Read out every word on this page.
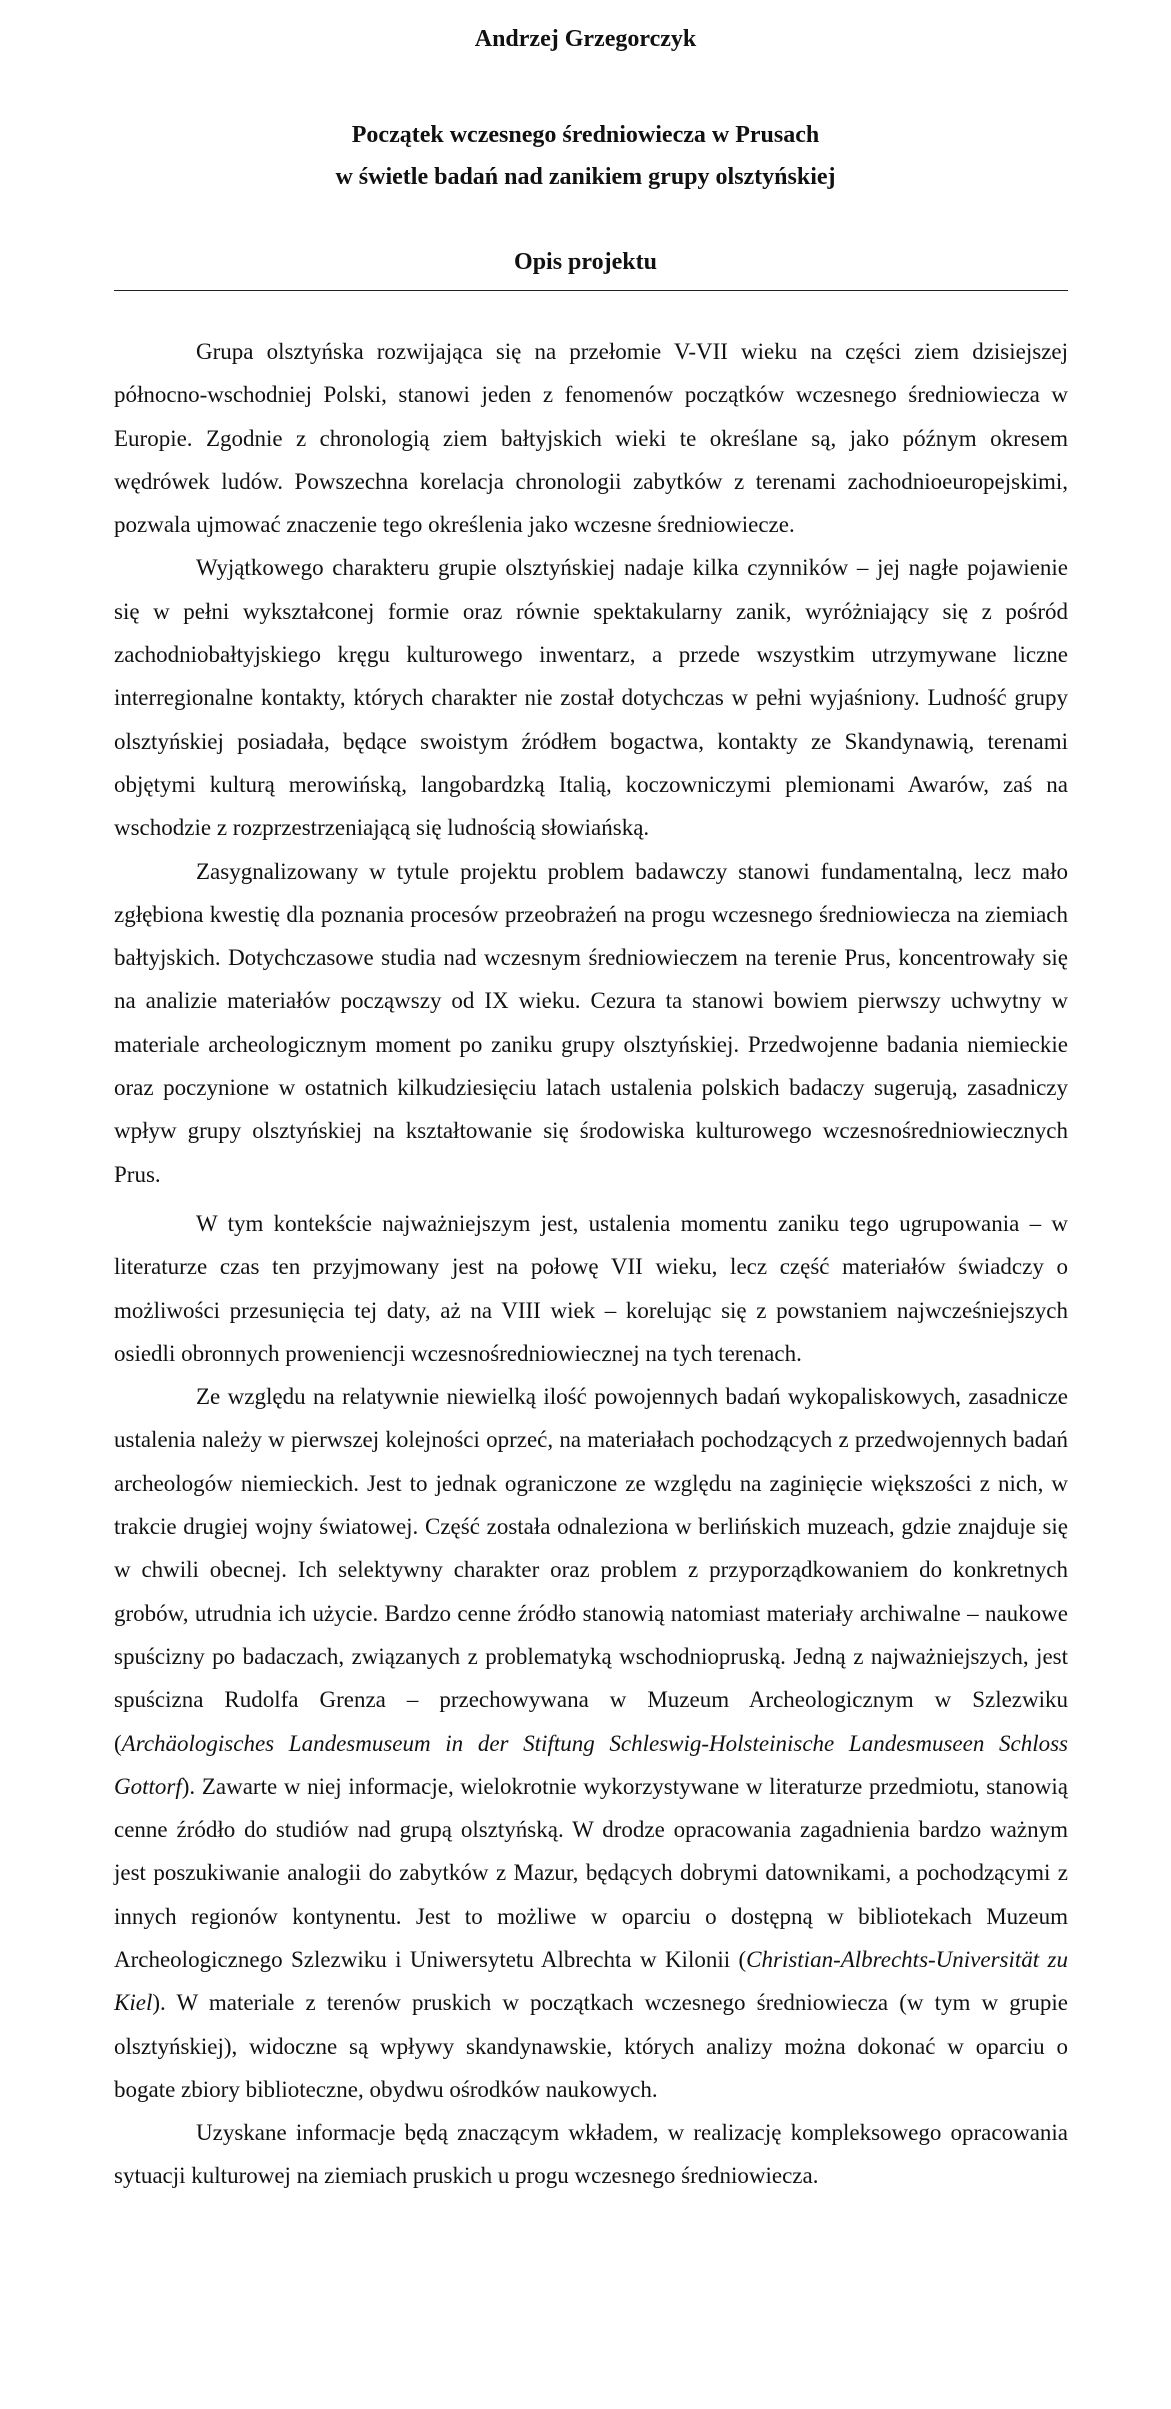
Andrzej Grzegorczyk
Początek wczesnego średniowiecza w Prusach
w świetle badań nad zanikiem grupy olsztyńskiej
Opis projektu

Grupa olsztyńska rozwijająca się na przełomie V-VII wieku na części ziem dzisiejszej północno-wschodniej Polski, stanowi jeden z fenomenów początków wczesnego średniowiecza w Europie. Zgodnie z chronologią ziem bałtyjskich wieki te określane są, jako późnym okresem wędrówek ludów. Powszechna korelacja chronologii zabytków z terenami zachodnioeuropejskimi, pozwala ujmować znaczenie tego określenia jako wczesne średniowiecze.

Wyjątkowego charakteru grupie olsztyńskiej nadaje kilka czynników – jej nagłe pojawienie się w pełni wykształconej formie oraz równie spektakularny zanik, wyróżniający się z pośród zachodniobałtyjskiego kręgu kulturowego inwentarz, a przede wszystkim utrzymywane liczne interregionalne kontakty, których charakter nie został dotychczas w pełni wyjaśniony. Ludność grupy olsztyńskiej posiadała, będące swoistym źródłem bogactwa, kontakty ze Skandynawią, terenami objętymi kulturą merowińską, langobardzką Italią, koczowniczymi plemionami Awarów, zaś na wschodzie z rozprzestrzeniającą się ludnością słowiańską.

Zasygnalizowany w tytule projektu problem badawczy stanowi fundamentalną, lecz mało zgłębiona kwestię dla poznania procesów przeobrażeń na progu wczesnego średniowiecza na ziemiach bałtyjskich. Dotychczasowe studia nad wczesnym średniowieczem na terenie Prus, koncentrowały się na analizie materiałów począwszy od IX wieku. Cezura ta stanowi bowiem pierwszy uchwytny w materiale archeologicznym moment po zaniku grupy olsztyńskiej. Przedwojenne badania niemieckie oraz poczynione w ostatnich kilkudziesięciu latach ustalenia polskich badaczy sugerują, zasadniczy wpływ grupy olsztyńskiej na kształtowanie się środowiska kulturowego wczesnośredniowiecznych Prus.

W tym kontekście najważniejszym jest, ustalenia momentu zaniku tego ugrupowania – w literaturze czas ten przyjmowany jest na połowę VII wieku, lecz część materiałów świadczy o możliwości przesunięcia tej daty, aż na VIII wiek – korelując się z powstaniem najwcześniejszych osiedli obronnych proweniencji wczesnośredniowiecznej na tych terenach.

Ze względu na relatywnie niewielką ilość powojennych badań wykopaliskowych, zasadnicze ustalenia należy w pierwszej kolejności oprzeć, na materiałach pochodzących z przedwojennych badań archeologów niemieckich. Jest to jednak ograniczone ze względu na zaginięcie większości z nich, w trakcie drugiej wojny światowej. Część została odnaleziona w berlińskich muzeach, gdzie znajduje się w chwili obecnej. Ich selektywny charakter oraz problem z przyporządkowaniem do konkretnych grobów, utrudnia ich użycie. Bardzo cenne źródło stanowią natomiast materiały archiwalne – naukowe spuścizny po badaczach, związanych z problematyką wschodniopruską. Jedną z najważniejszych, jest spuścizna Rudolfa Grenza – przechowywana w Muzeum Archeologicznym w Szlezwiku (Archäologisches Landesmuseum in der Stiftung Schleswig-Holsteinische Landesmuseen Schloss Gottorf). Zawarte w niej informacje, wielokrotnie wykorzystywane w literaturze przedmiotu, stanowią cenne źródło do studiów nad grupą olsztyńską. W drodze opracowania zagadnienia bardzo ważnym jest poszukiwanie analogii do zabytków z Mazur, będących dobrymi datownikami, a pochodzącymi z innych regionów kontynentu. Jest to możliwe w oparciu o dostępną w bibliotekach Muzeum Archeologicznego Szlezwiku i Uniwersytetu Albrechta w Kilonii (Christian-Albrechts-Universität zu Kiel). W materiale z terenów pruskich w początkach wczesnego średniowiecza (w tym w grupie olsztyńskiej), widoczne są wpływy skandynawskie, których analizy można dokonać w oparciu o bogate zbiory biblioteczne, obydwu ośrodków naukowych.

Uzyskane informacje będą znaczącym wkładem, w realizację kompleksowego opracowania sytuacji kulturowej na ziemiach pruskich u progu wczesnego średniowiecza.
